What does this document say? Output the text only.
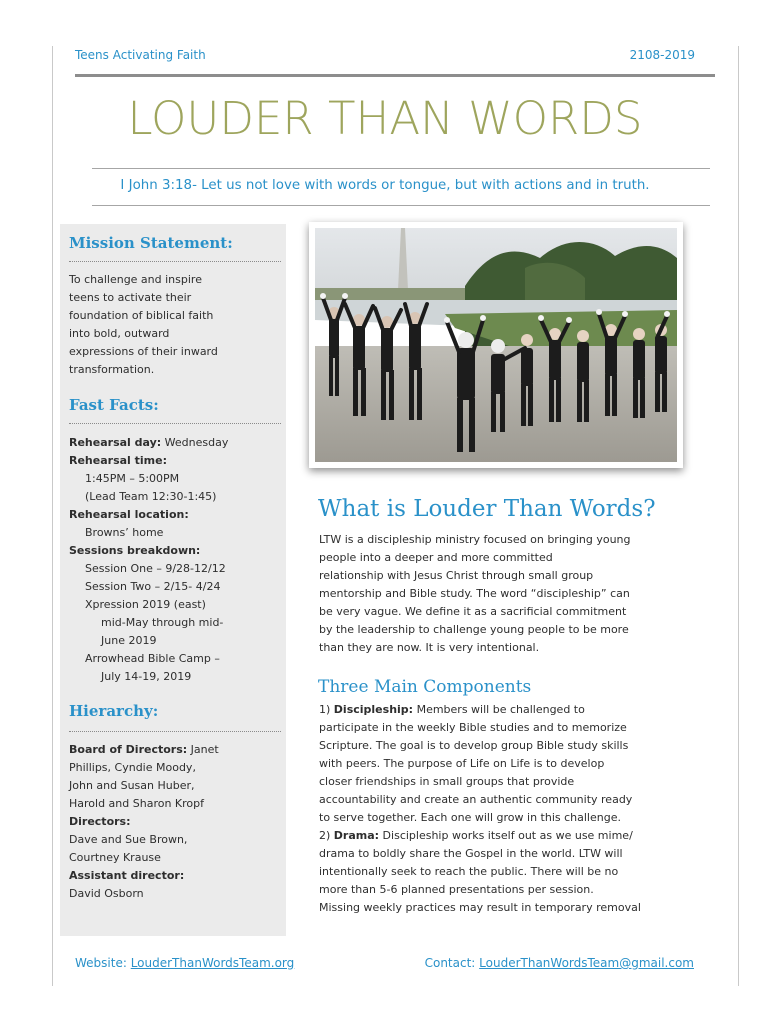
Teens Activating Faith	2108-2019
LOUDER THAN WORDS
I John 3:18- Let us not love with words or tongue, but with actions and in truth.
Mission Statement:
To challenge and inspire
teens to activate their
foundation of biblical faith
into bold, outward
expressions of their inward
transformation.
Fast Facts:
Rehearsal day: Wednesday
Rehearsal time:
1:45PM – 5:00PM
(Lead Team 12:30-1:45)
Rehearsal location:
Browns’ home
Sessions breakdown:
Session One – 9/28-12/12
Session Two – 2/15- 4/24
Xpression 2019 (east)
mid-May through mid-
June 2019
Arrowhead Bible Camp –
July 14-19, 2019
Hierarchy:
Board of Directors: Janet
Phillips, Cyndie Moody,
John and Susan Huber,
Harold and Sharon Kropf
Directors:
Dave and Sue Brown,
Courtney Krause
Assistant director:
David Osborn
What is Louder Than Words?
LTW is a discipleship ministry focused on bringing young
people into a deeper and more committed
relationship with Jesus Christ through small group
mentorship and Bible study. The word “discipleship” can
be very vague. We define it as a sacrificial commitment
by the leadership to challenge young people to be more
than they are now. It is very intentional.
Three Main Components
1) Discipleship: Members will be challenged to
participate in the weekly Bible studies and to memorize
Scripture. The goal is to develop group Bible study skills
with peers. The purpose of Life on Life is to develop
closer friendships in small groups that provide
accountability and create an authentic community ready
to serve together. Each one will grow in this challenge.
2) Drama: Discipleship works itself out as we use mime/
drama to boldly share the Gospel in the world. LTW will
intentionally seek to reach the public. There will be no
more than 5-6 planned presentations per session.
Missing weekly practices may result in temporary removal
Website: LouderThanWordsTeam.org	Contact: LouderThanWordsTeam@gmail.com
